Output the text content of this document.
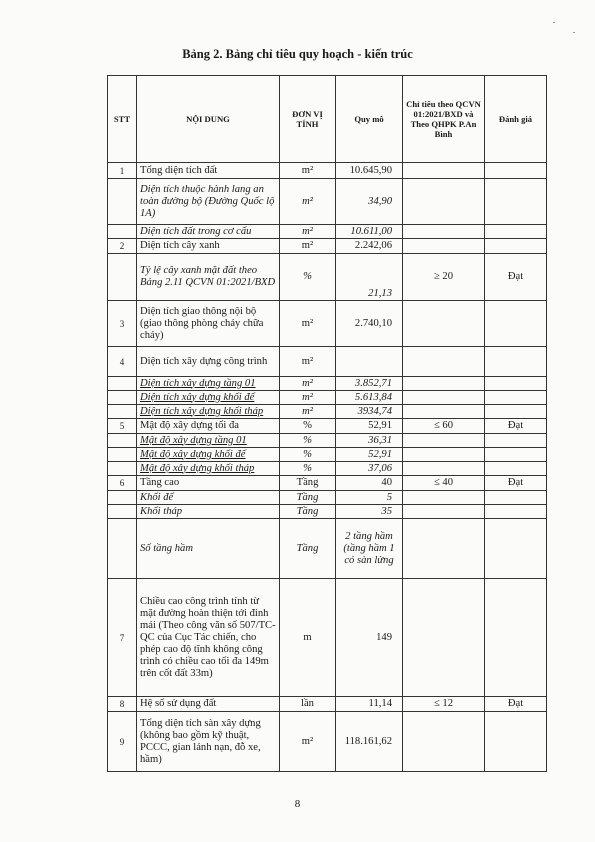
Bảng 2. Bảng chỉ tiêu quy hoạch - kiến trúc
STT	NỘI DUNG	ĐƠN VỊ TÍNH	Quy mô	Chỉ tiêu theo QCVN 01:2021/BXD và Theo QHPK P.An Bình	Đánh giá
1	Tổng diện tích đất	m²	10.645,90		
	Diện tích thuộc hành lang an toàn đường bộ (Đường Quốc lộ 1A)	m²	34,90		
	Diện tích đất trong cơ cấu	m²	10.611,00		
2	Diện tích cây xanh	m²	2.242,06		
	Tỷ lệ cây xanh mặt đất theo Bảng 2.11 QCVN 01:2021/BXD	%	21,13	≥ 20	Đạt
3	Diện tích giao thông nội bộ (giao thông phòng cháy chữa cháy)	m²	2.740,10		
4	Diện tích xây dựng công trình	m²			
	Diện tích xây dựng tầng 01	m²	3.852,71		
	Diện tích xây dựng khối đế	m²	5.613,84		
	Diện tích xây dựng khối tháp	m²	3934,74		
5	Mật độ xây dựng tối đa	%	52,91	≤ 60	Đạt
	Mật độ xây dựng tầng 01	%	36,31		
	Mật độ xây dựng khối đế	%	52,91		
	Mật độ xây dựng khối tháp	%	37,06		
6	Tầng cao	Tầng	40	≤ 40	Đạt
	Khối đế	Tầng	5		
	Khối tháp	Tầng	35		
	Số tầng hầm	Tầng	2 tầng hầm (tầng hầm 1 có sàn lửng		
7	Chiều cao công trình tính từ mặt đường hoàn thiện tới đỉnh mái (Theo công văn số 507/TC-QC của Cục Tác chiến, cho phép cao độ tĩnh không công trình có chiều cao tối đa 149m trên cốt đất 33m)	m	149		
8	Hệ số sử dụng đất	lần	11,14	≤ 12	Đạt
9	Tổng diện tích sàn xây dựng (không bao gồm kỹ thuật, PCCC, gian lánh nạn, đỗ xe, hầm)	m²	118.161,62		
8
